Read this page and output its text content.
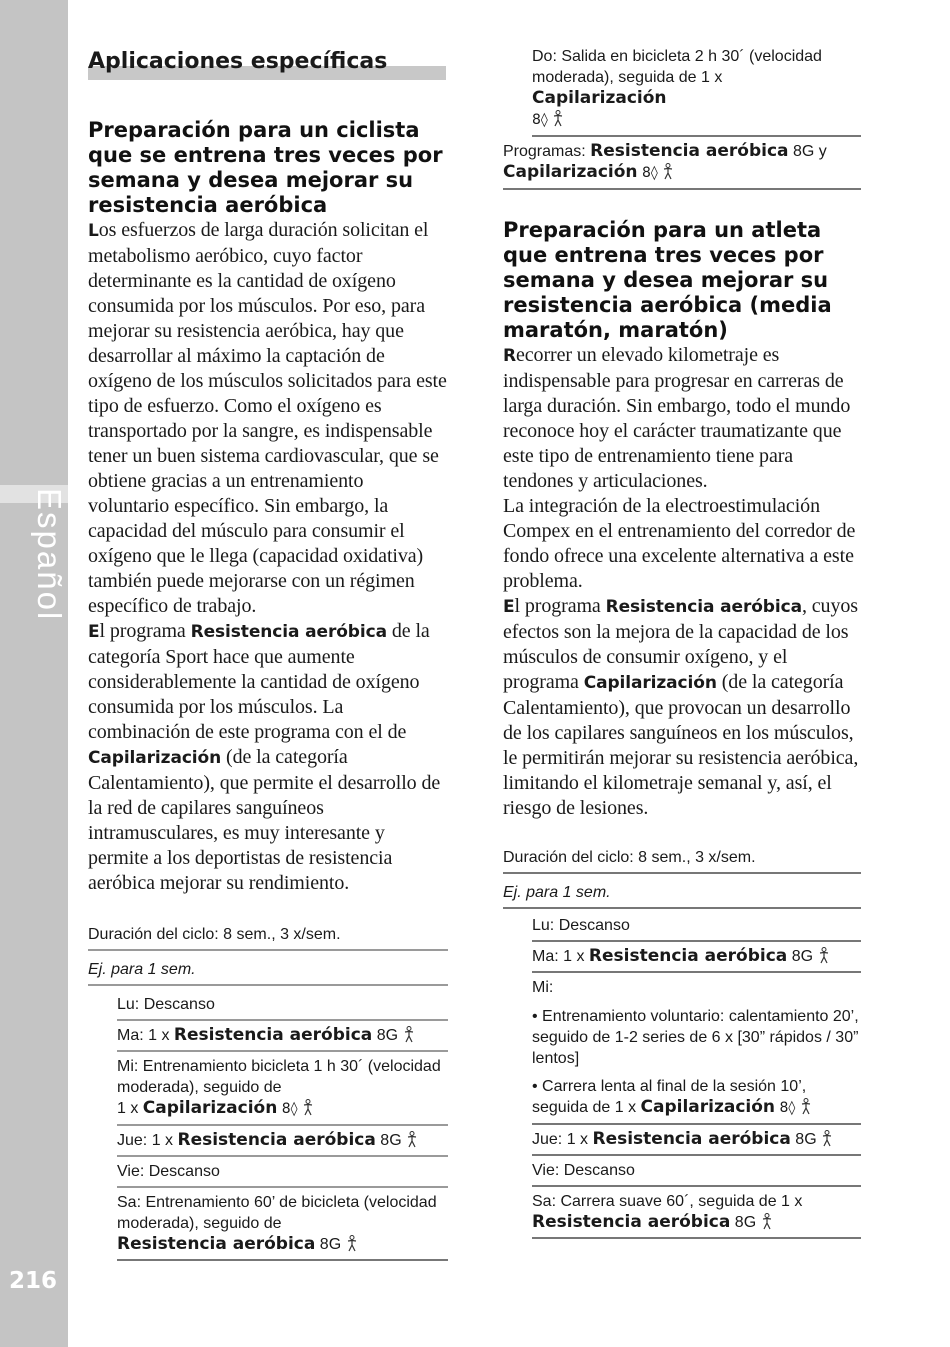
Español
216
Aplicaciones específicas
Preparación para un ciclista que se entrena tres veces por semana y desea mejorar su resistencia aeróbica

Los esfuerzos de larga duración solicitan el metabolismo aeróbico, cuyo factor determinante es la cantidad de oxígeno consumida por los músculos. Por eso, para mejorar su resistencia aeróbica, hay que desarrollar al máximo la captación de oxígeno de los músculos solicitados para este tipo de esfuerzo. Como el oxígeno es transportado por la sangre, es indispensable tener un buen sistema cardiovascular, que se obtiene gracias a un entrenamiento voluntario específico. Sin embargo, la capacidad del músculo para consumir el oxígeno que le llega (capacidad oxidativa) también puede mejorarse con un régimen específico de trabajo.

El programa Resistencia aeróbica de la categoría Sport hace que aumente considerablemente la cantidad de oxígeno consumida por los músculos. La combinación de este programa con el de Capilarización (de la categoría Calentamiento), que permite el desarrollo de la red de capilares sanguíneos intramusculares, es muy interesante y permite a los deportistas de resistencia aeróbica mejorar su rendimiento.

Duración del ciclo: 8 sem., 3 x/sem.
Ej. para 1 sem.
Lu: Descanso
Ma: 1 x Resistencia aeróbica 8G
Mi: Entrenamiento bicicleta 1 h 30´ (velocidad moderada), seguido de
1 x Capilarización 8◊
Jue: 1 x Resistencia aeróbica 8G
Vie: Descanso
Sa: Entrenamiento 60’ de bicicleta (velocidad moderada), seguido de
Resistencia aeróbica 8G
Do: Salida en bicicleta 2 h 30´ (velocidad moderada), seguida de 1 x Capilarización
8◊
Programas: Resistencia aeróbica 8G y
Capilarización 8◊
Preparación para un atleta que entrena tres veces por semana y desea mejorar su resistencia aeróbica (media maratón, maratón)

Recorrer un elevado kilometraje es indispensable para progresar en carreras de larga duración. Sin embargo, todo el mundo reconoce hoy el carácter traumatizante que este tipo de entrenamiento tiene para tendones y articulaciones.

La integración de la electroestimulación Compex en el entrenamiento del corredor de fondo ofrece una excelente alternativa a este problema.

El programa Resistencia aeróbica, cuyos efectos son la mejora de la capacidad de los músculos de consumir oxígeno, y el programa Capilarización (de la categoría Calentamiento), que provocan un desarrollo de los capilares sanguíneos en los músculos, le permitirán mejorar su resistencia aeróbica, limitando el kilometraje semanal y, así, el riesgo de lesiones.

Duración del ciclo: 8 sem., 3 x/sem.
Ej. para 1 sem.
Lu: Descanso
Ma: 1 x Resistencia aeróbica 8G
Mi:
• Entrenamiento voluntario: calentamiento 20’, seguido de 1-2 series de 6 x [30” rápidos / 30” lentos]
• Carrera lenta al final de la sesión 10’, seguida de 1 x Capilarización 8◊
Jue: 1 x Resistencia aeróbica 8G
Vie: Descanso
Sa: Carrera suave 60´, seguida de 1 x
Resistencia aeróbica 8G
